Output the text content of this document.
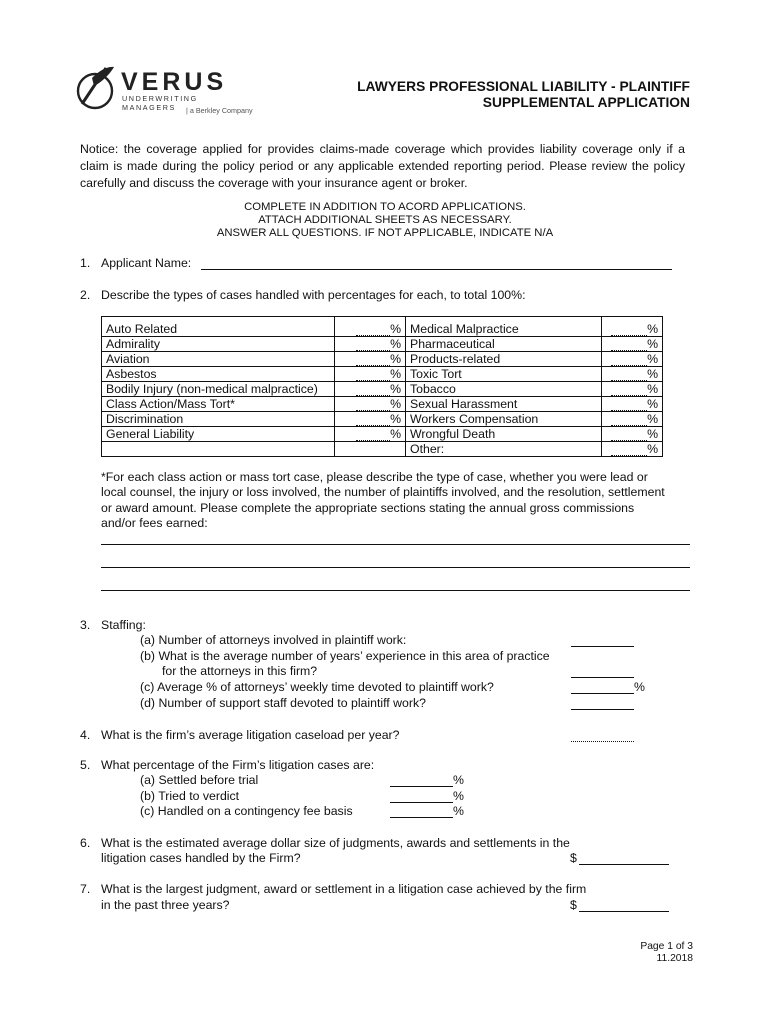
VERUS
UNDERWRITING MANAGERS	| a Berkley Company
LAWYERS PROFESSIONAL LIABILITY - PLAINTIFF
SUPPLEMENTAL APPLICATION
Notice: the coverage applied for provides claims-made coverage which provides liability coverage only if a claim is made during the policy period or any applicable extended reporting period. Please review the policy carefully and discuss the coverage with your insurance agent or broker.
COMPLETE IN ADDITION TO ACORD APPLICATIONS.
ATTACH ADDITIONAL SHEETS AS NECESSARY.
ANSWER ALL QUESTIONS. IF NOT APPLICABLE, INDICATE N/A
1. Applicant Name:
2. Describe the types of cases handled with percentages for each, to total 100%:
Auto Related	%	Medical Malpractice	%
Admirality	%	Pharmaceutical	%
Aviation	%	Products-related	%
Asbestos	%	Toxic Tort	%
Bodily Injury (non-medical malpractice)	%	Tobacco	%
Class Action/Mass Tort*	%	Sexual Harassment	%
Discrimination	%	Workers Compensation	%
General Liability	%	Wrongful Death	%
		Other:	%
*For each class action or mass tort case, please describe the type of case, whether you were lead or local counsel, the injury or loss involved, the number of plaintiffs involved, and the resolution, settlement or award amount. Please complete the appropriate sections stating the annual gross commissions and/or fees earned:
3. Staffing:
(a) Number of attorneys involved in plaintiff work:
(b) What is the average number of years’ experience in this area of practice
for the attorneys in this firm?
(c) Average % of attorneys’ weekly time devoted to plaintiff work?	%
(d) Number of support staff devoted to plaintiff work?
4. What is the firm’s average litigation caseload per year?
5. What percentage of the Firm’s litigation cases are:
(a) Settled before trial	%
(b) Tried to verdict	%
(c) Handled on a contingency fee basis	%
6. What is the estimated average dollar size of judgments, awards and settlements in the
litigation cases handled by the Firm?	$
7. What is the largest judgment, award or settlement in a litigation case achieved by the firm
in the past three years?	$
Page 1 of 3
11.2018
